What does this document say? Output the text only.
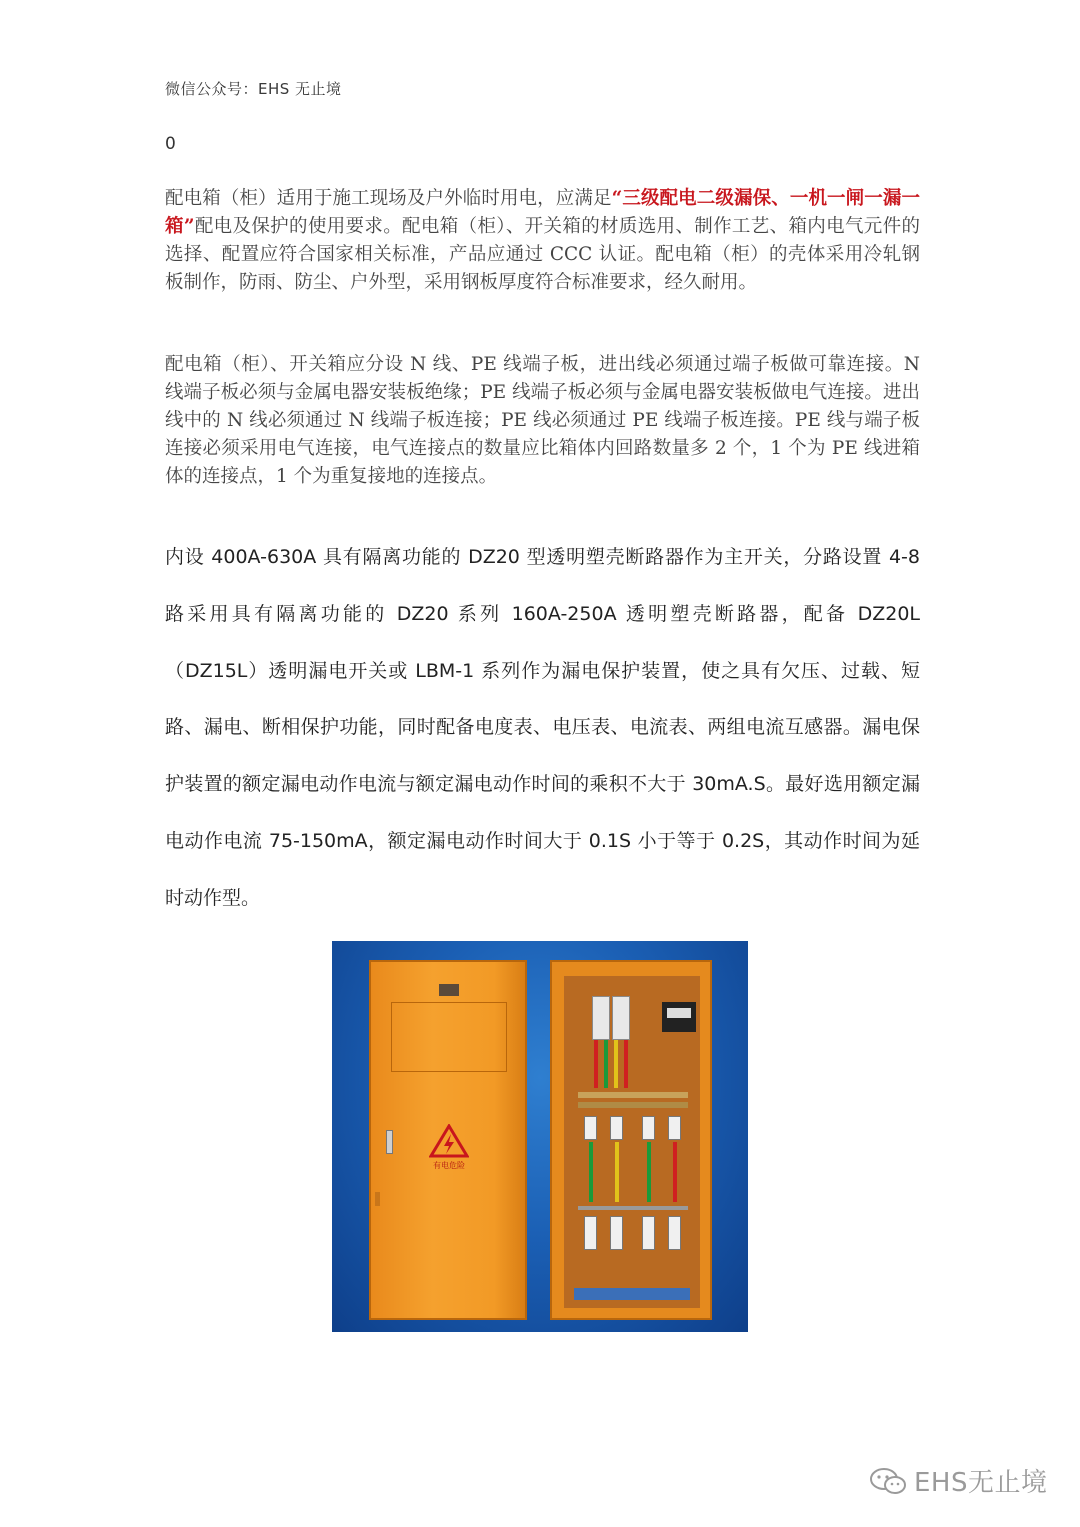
微信公众号：EHS 无止境
0

配电箱（柜）适用于施工现场及户外临时用电，应满足“三级配电二级漏保、一机一闸一漏一箱”配电及保护的使用要求。配电箱（柜）、开关箱的材质选用、制作工艺、箱内电气元件的选择、配置应符合国家相关标准，产品应通过 CCC 认证。配电箱（柜）的壳体采用冷轧钢板制作，防雨、防尘、户外型，采用钢板厚度符合标准要求，经久耐用。

配电箱（柜）、开关箱应分设 N 线、PE 线端子板，进出线必须通过端子板做可靠连接。N 线端子板必须与金属电器安装板绝缘；PE 线端子板必须与金属电器安装板做电气连接。进出线中的 N 线必须通过 N 线端子板连接；PE 线必须通过 PE 线端子板连接。PE 线与端子板连接必须采用电气连接，电气连接点的数量应比箱体内回路数量多 2 个，1 个为 PE 线进箱体的连接点，1 个为重复接地的连接点。

内设 400A-630A 具有隔离功能的 DZ20 型透明塑壳断路器作为主开关，分路设置 4-8 路采用具有隔离功能的 DZ20 系列 160A-250A 透明塑壳断路器，配备 DZ20L（DZ15L）透明漏电开关或 LBM-1 系列作为漏电保护装置，使之具有欠压、过载、短路、漏电、断相保护功能，同时配备电度表、电压表、电流表、两组电流互感器。漏电保护装置的额定漏电动作电流与额定漏电动作时间的乘积不大于 30mA.S。最好选用额定漏电动作电流 75-150mA，额定漏电动作时间大于 0.1S 小于等于 0.2S，其动作时间为延时动作型。

有电危险
EHS无止境
